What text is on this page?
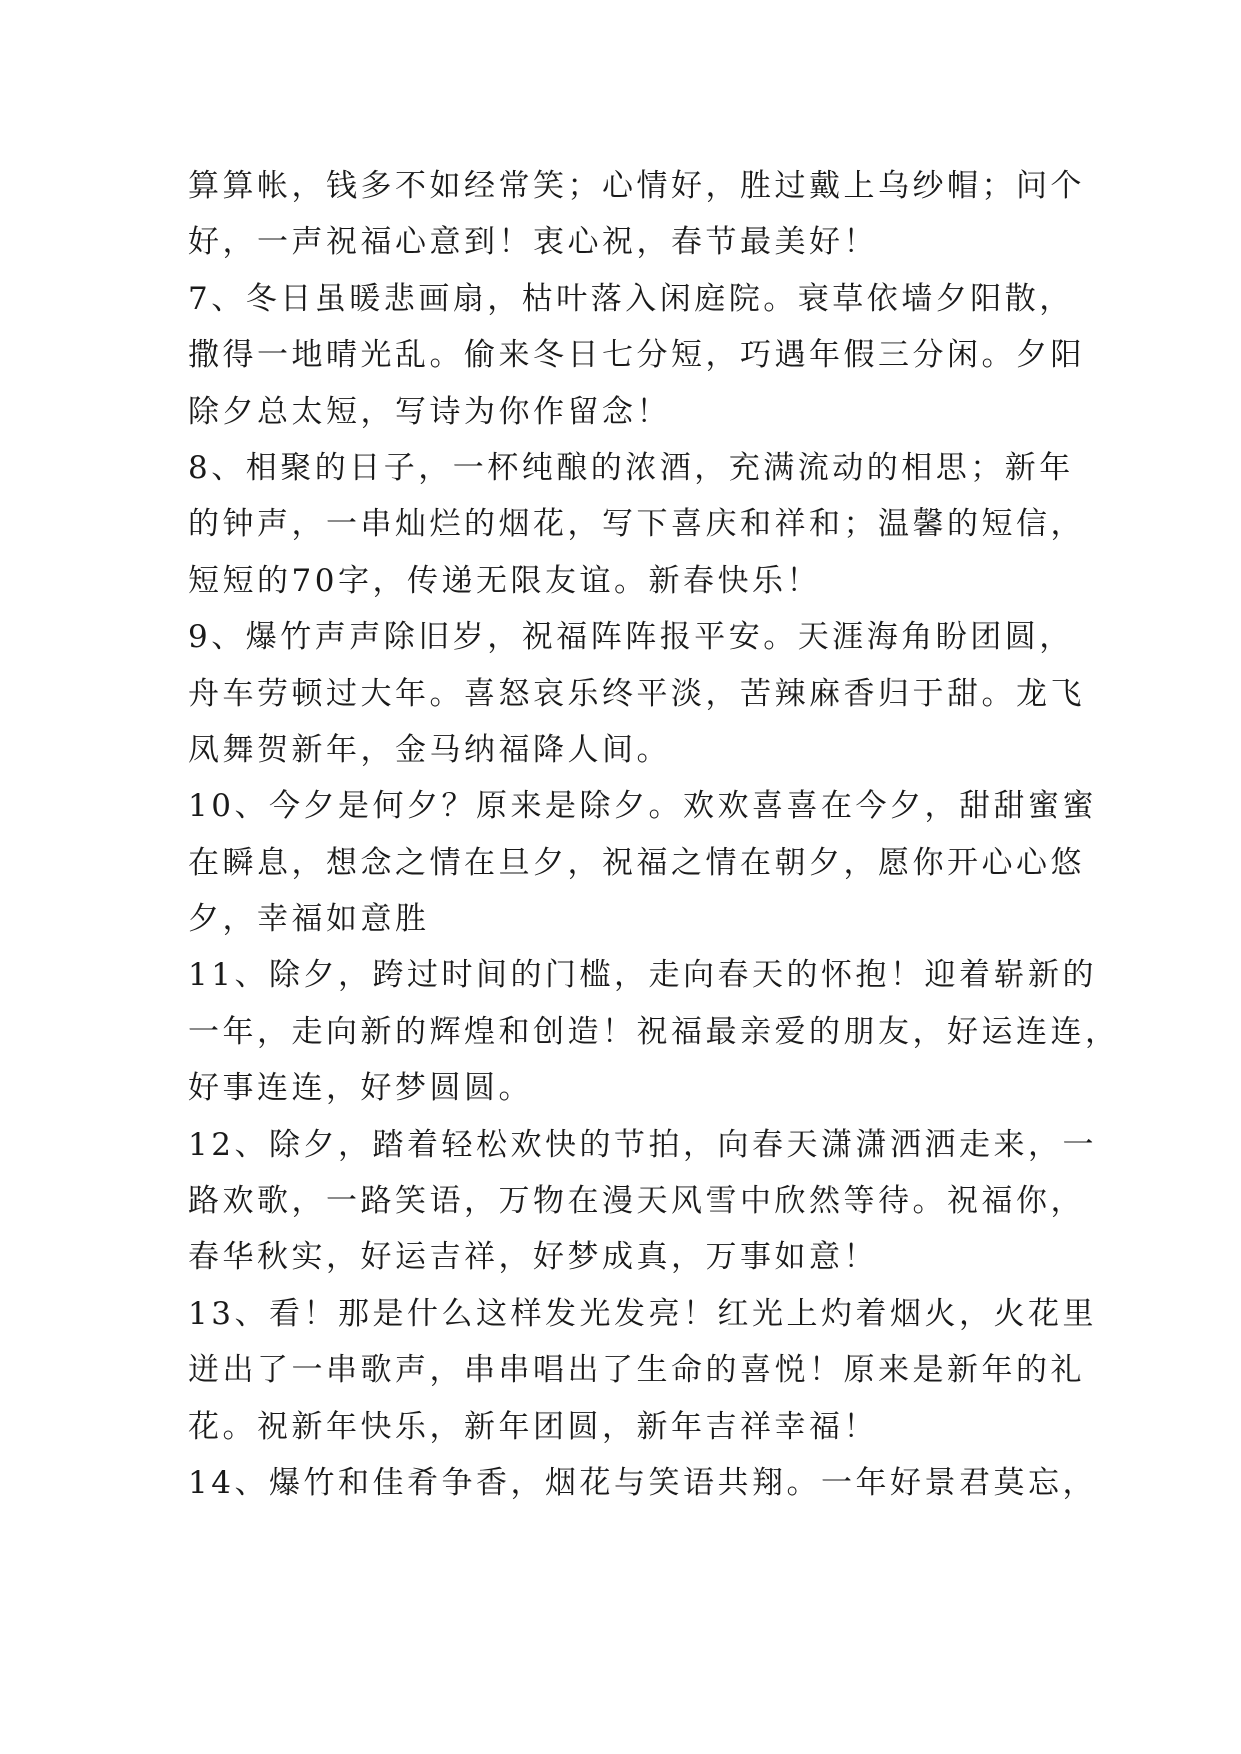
算算帐，钱多不如经常笑；心情好，胜过戴上乌纱帽；问个
好，一声祝福心意到！衷心祝，春节最美好！
7、冬日虽暖悲画扇，枯叶落入闲庭院。衰草依墙夕阳散，
撒得一地晴光乱。偷来冬日七分短，巧遇年假三分闲。夕阳
除夕总太短，写诗为你作留念！
8、相聚的日子，一杯纯酿的浓酒，充满流动的相思；新年
的钟声，一串灿烂的烟花，写下喜庆和祥和；温馨的短信，
短短的70字，传递无限友谊。新春快乐！
9、爆竹声声除旧岁，祝福阵阵报平安。天涯海角盼团圆，
舟车劳顿过大年。喜怒哀乐终平淡，苦辣麻香归于甜。龙飞
凤舞贺新年，金马纳福降人间。
10、今夕是何夕？原来是除夕。欢欢喜喜在今夕，甜甜蜜蜜
在瞬息，想念之情在旦夕，祝福之情在朝夕，愿你开心心悠
夕，幸福如意胜
11、除夕，跨过时间的门槛，走向春天的怀抱！迎着崭新的
一年，走向新的辉煌和创造！祝福最亲爱的朋友，好运连连，
好事连连，好梦圆圆。
12、除夕，踏着轻松欢快的节拍，向春天潇潇洒洒走来，一
路欢歌，一路笑语，万物在漫天风雪中欣然等待。祝福你，
春华秋实，好运吉祥，好梦成真，万事如意！
13、看！那是什么这样发光发亮！红光上灼着烟火，火花里
迸出了一串歌声，串串唱出了生命的喜悦！原来是新年的礼
花。祝新年快乐，新年团圆，新年吉祥幸福！
14、爆竹和佳肴争香，烟花与笑语共翔。一年好景君莫忘，
